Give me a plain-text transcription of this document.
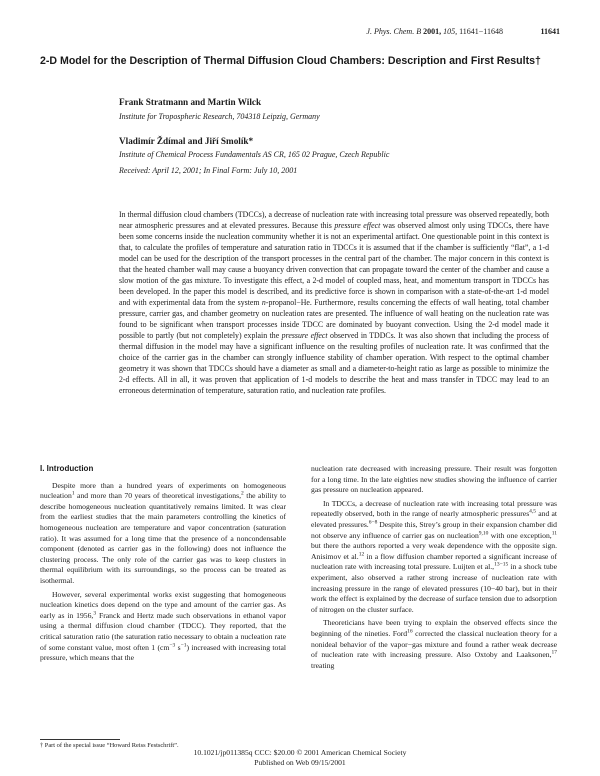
J. Phys. Chem. B 2001, 105, 11641−11648	11641
2-D Model for the Description of Thermal Diffusion Cloud Chambers: Description and First Results†
Frank Stratmann and Martin Wilck
Institute for Tropospheric Research, 704318 Leipzig, Germany
Vladimír Ždímal and Jiří Smolík*
Institute of Chemical Process Fundamentals AS CR, 165 02 Prague, Czech Republic
Received: April 12, 2001; In Final Form: July 10, 2001
In thermal diffusion cloud chambers (TDCCs), a decrease of nucleation rate with increasing total pressure was observed repeatedly, both near atmospheric pressures and at elevated pressures. Because this pressure effect was observed almost only using TDCCs, there have been some concerns inside the nucleation community whether it is not an experimental artifact. One questionable point in this context is that, to calculate the profiles of temperature and saturation ratio in TDCCs it is assumed that if the chamber is sufficiently “flat”, a 1-d model can be used for the description of the transport processes in the central part of the chamber. The major concern in this context is that the heated chamber wall may cause a buoyancy driven convection that can propagate toward the center of the chamber and cause a slow motion of the gas mixture. To investigate this effect, a 2-d model of coupled mass, heat, and momentum transport in TDCCs has been developed. In the paper this model is described, and its predictive force is shown in comparison with a state-of-the-art 1-d model and with experimental data from the system n-propanol−He. Furthermore, results concerning the effects of wall heating, total chamber pressure, carrier gas, and chamber geometry on nucleation rates are presented. The influence of wall heating on the nucleation rate was found to be significant when transport processes inside TDCC are dominated by buoyant convection. Using the 2-d model made it possible to partly (but not completely) explain the pressure effect observed in TDDCs. It was also shown that including the process of thermal diffusion in the model may have a significant influence on the resulting profiles of nucleation rate. It was confirmed that the choice of the carrier gas in the chamber can strongly influence stability of chamber operation. With respect to the optimal chamber geometry it was shown that TDCCs should have a diameter as small and a diameter-to-height ratio as large as possible to minimize the 2-d effects. All in all, it was proven that application of 1-d models to describe the heat and mass transfer in TDCC may lead to an erroneous determination of temperature, saturation ratio, and nucleation rate profiles.
I. Introduction

Despite more than a hundred years of experiments on homogeneous nucleation$^1$ and more than 70 years of theoretical investigations,$^2$ the ability to describe homogeneous nucleation quantitatively remains limited. It was clear from the earliest studies that the main parameters controlling the kinetics of homogeneous nucleation are temperature and vapor concentration (saturation ratio). It was assumed for a long time that the presence of a noncondensable component (denoted as carrier gas in the following) does not influence the clustering process. The only role of the carrier gas was to keep clusters in thermal equilibrium with its surroundings, so the process can be treated as isothermal.

However, several experimental works exist suggesting that homogeneous nucleation kinetics does depend on the type and amount of the carrier gas. As early as in 1956,$^3$ Franck and Hertz made such observations in ethanol vapor using a thermal diffusion cloud chamber (TDCC). They reported, that the critical saturation ratio (the saturation ratio necessary to obtain a nucleation rate of some constant value, most often 1 ($cm^{-3}$ $s^{-1}$) increased with increasing total pressure, which means that the

nucleation rate decreased with increasing pressure. Their result was forgotten for a long time. In the late eighties new studies showing the influence of carrier gas pressure on nucleation appeared.

In TDCCs, a decrease of nucleation rate with increasing total pressure was repeatedly observed, both in the range of nearly atmospheric pressures$^{4,5}$ and at elevated pressures.$^{6-8}$ Despite this, Strey’s group in their expansion chamber did not observe any influence of carrier gas on nucleation$^{9,10}$ with one exception,$^{11}$ but there the authors reported a very weak dependence with the opposite sign. Anisimov et al.$^{12}$ in a flow diffusion chamber reported a significant increase of nucleation rate with increasing total pressure. Luijten et al.,$^{13-15}$ in a shock tube experiment, also observed a rather strong increase of nucleation rate with increasing pressure in the range of elevated pressures (10−40 bar), but in their work the effect is explained by the decrease of surface tension due to adsorption of nitrogen on the cluster surface.

Theoreticians have been trying to explain the observed effects since the beginning of the nineties. Ford$^{16}$ corrected the classical nucleation theory for a nonideal behavior of the vapor−gas mixture and found a rather weak decrease of nucleation rate with increasing pressure. Also Oxtoby and Laaksonen,$^{17}$ treating

† Part of the special issue “Howard Reiss Festschrift”.
10.1021/jp011385q CCC: $20.00 © 2001 American Chemical Society
Published on Web 09/15/2001
